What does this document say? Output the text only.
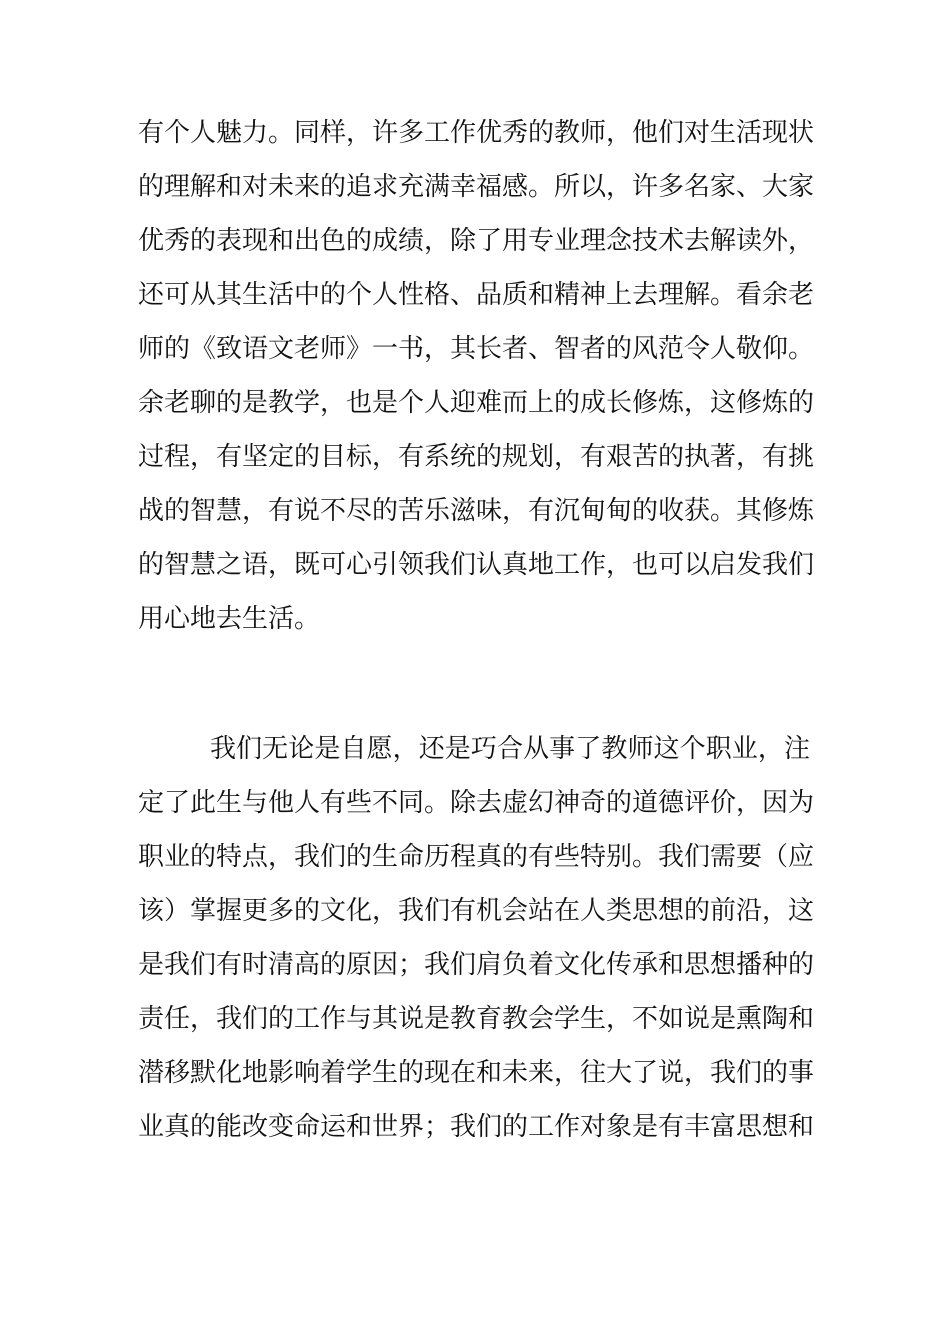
有个人魅力。同样，许多工作优秀的教师，他们对生活现状
的理解和对未来的追求充满幸福感。所以，许多名家、大家
优秀的表现和出色的成绩，除了用专业理念技术去解读外，
还可从其生活中的个人性格、品质和精神上去理解。看余老
师的《致语文老师》一书，其长者、智者的风范令人敬仰。
余老聊的是教学，也是个人迎难而上的成长修炼，这修炼的
过程，有坚定的目标，有系统的规划，有艰苦的执著，有挑
战的智慧，有说不尽的苦乐滋味，有沉甸甸的收获。其修炼
的智慧之语，既可心引领我们认真地工作，也可以启发我们
用心地去生活。
我们无论是自愿，还是巧合从事了教师这个职业，注
定了此生与他人有些不同。除去虚幻神奇的道德评价，因为
职业的特点，我们的生命历程真的有些特别。我们需要（应
该）掌握更多的文化，我们有机会站在人类思想的前沿，这
是我们有时清高的原因；我们肩负着文化传承和思想播种的
责任，我们的工作与其说是教育教会学生，不如说是熏陶和
潜移默化地影响着学生的现在和未来，往大了说，我们的事
业真的能改变命运和世界；我们的工作对象是有丰富思想和
